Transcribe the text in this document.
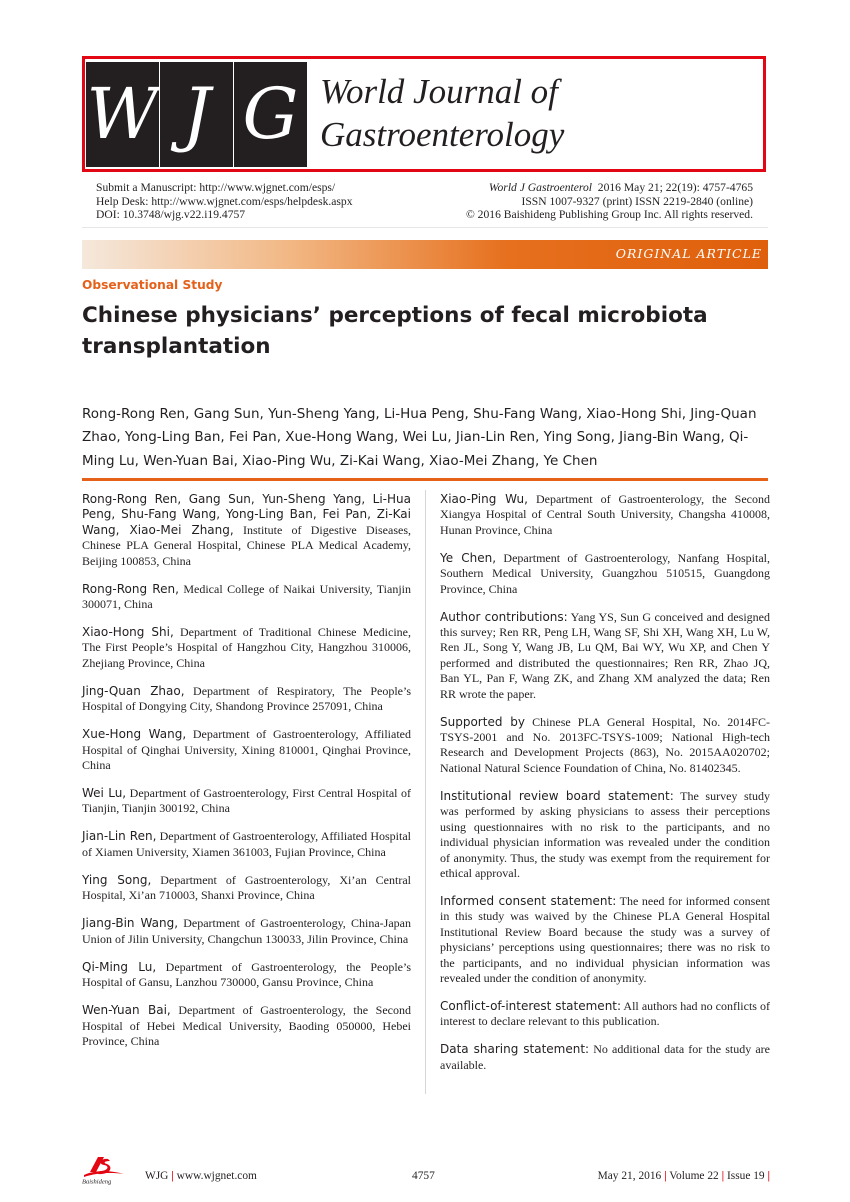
W J G World Journal of
Gastroenterology
Submit a Manuscript: http://www.wjgnet.com/esps/
Help Desk: http://www.wjgnet.com/esps/helpdesk.aspx
DOI: 10.3748/wjg.v22.i19.4757
World J Gastroenterol  2016 May 21; 22(19): 4757-4765
ISSN 1007-9327 (print) ISSN 2219-2840 (online)
© 2016 Baishideng Publishing Group Inc. All rights reserved.
ORIGINAL ARTICLE
Observational Study
Chinese physicians’ perceptions of fecal microbiota transplantation
Rong-Rong Ren, Gang Sun, Yun-Sheng Yang, Li-Hua Peng, Shu-Fang Wang, Xiao-Hong Shi, Jing-Quan Zhao, Yong-Ling Ban, Fei Pan, Xue-Hong Wang, Wei Lu, Jian-Lin Ren, Ying Song, Jiang-Bin Wang, Qi-Ming Lu, Wen-Yuan Bai, Xiao-Ping Wu, Zi-Kai Wang, Xiao-Mei Zhang, Ye Chen
Rong-Rong Ren, Gang Sun, Yun-Sheng Yang, Li-Hua Peng, Shu-Fang Wang, Yong-Ling Ban, Fei Pan, Zi-Kai Wang, Xiao-Mei Zhang, Institute of Digestive Diseases, Chinese PLA General Hospital, Chinese PLA Medical Academy, Beijing 100853, China
Rong-Rong Ren, Medical College of Naikai University, Tianjin 300071, China
Xiao-Hong Shi, Department of Traditional Chinese Medicine, The First People’s Hospital of Hangzhou City, Hangzhou 310006, Zhejiang Province, China
Jing-Quan Zhao, Department of Respiratory, The People’s Hospital of Dongying City, Shandong Province 257091, China
Xue-Hong Wang, Department of Gastroenterology, Affiliated Hospital of Qinghai University, Xining 810001, Qinghai Province, China
Wei Lu, Department of Gastroenterology, First Central Hospital of Tianjin, Tianjin 300192, China
Jian-Lin Ren, Department of Gastroenterology, Affiliated Hospital of Xiamen University, Xiamen 361003, Fujian Province, China
Ying Song, Department of Gastroenterology, Xi’an Central Hospital, Xi’an 710003, Shanxi Province, China
Jiang-Bin Wang, Department of Gastroenterology, China-Japan Union of Jilin University, Changchun 130033, Jilin Province, China
Qi-Ming Lu, Department of Gastroenterology, the People’s Hospital of Gansu, Lanzhou 730000, Gansu Province, China
Wen-Yuan Bai, Department of Gastroenterology, the Second Hospital of Hebei Medical University, Baoding 050000, Hebei Province, China
Xiao-Ping Wu, Department of Gastroenterology, the Second Xiangya Hospital of Central South University, Changsha 410008, Hunan Province, China
Ye Chen, Department of Gastroenterology, Nanfang Hospital, Southern Medical University, Guangzhou 510515, Guangdong Province, China
Author contributions: Yang YS, Sun G conceived and designed this survey; Ren RR, Peng LH, Wang SF, Shi XH, Wang XH, Lu W, Ren JL, Song Y, Wang JB, Lu QM, Bai WY, Wu XP, and Chen Y performed and distributed the questionnaires; Ren RR, Zhao JQ, Ban YL, Pan F, Wang ZK, and Zhang XM analyzed the data; Ren RR wrote the paper.
Supported by Chinese PLA General Hospital, No. 2014FC-TSYS-2001 and No. 2013FC-TSYS-1009; National High-tech Research and Development Projects (863), No. 2015AA020702; National Natural Science Foundation of China, No. 81402345.
Institutional review board statement: The survey study was performed by asking physicians to assess their perceptions using questionnaires with no risk to the participants, and no individual physician information was revealed under the condition of anonymity. Thus, the study was exempt from the requirement for ethical approval.
Informed consent statement: The need for informed consent in this study was waived by the Chinese PLA General Hospital Institutional Review Board because the study was a survey of physicians’ perceptions using questionnaires; there was no risk to the participants, and no individual physician information was revealed under the condition of anonymity.
Conflict-of-interest statement: All authors had no conflicts of interest to declare relevant to this publication.
Data sharing statement: No additional data for the study are available.
Baishideng	WJG | www.wjgnet.com	4757	May 21, 2016 | Volume 22 | Issue 19 |
